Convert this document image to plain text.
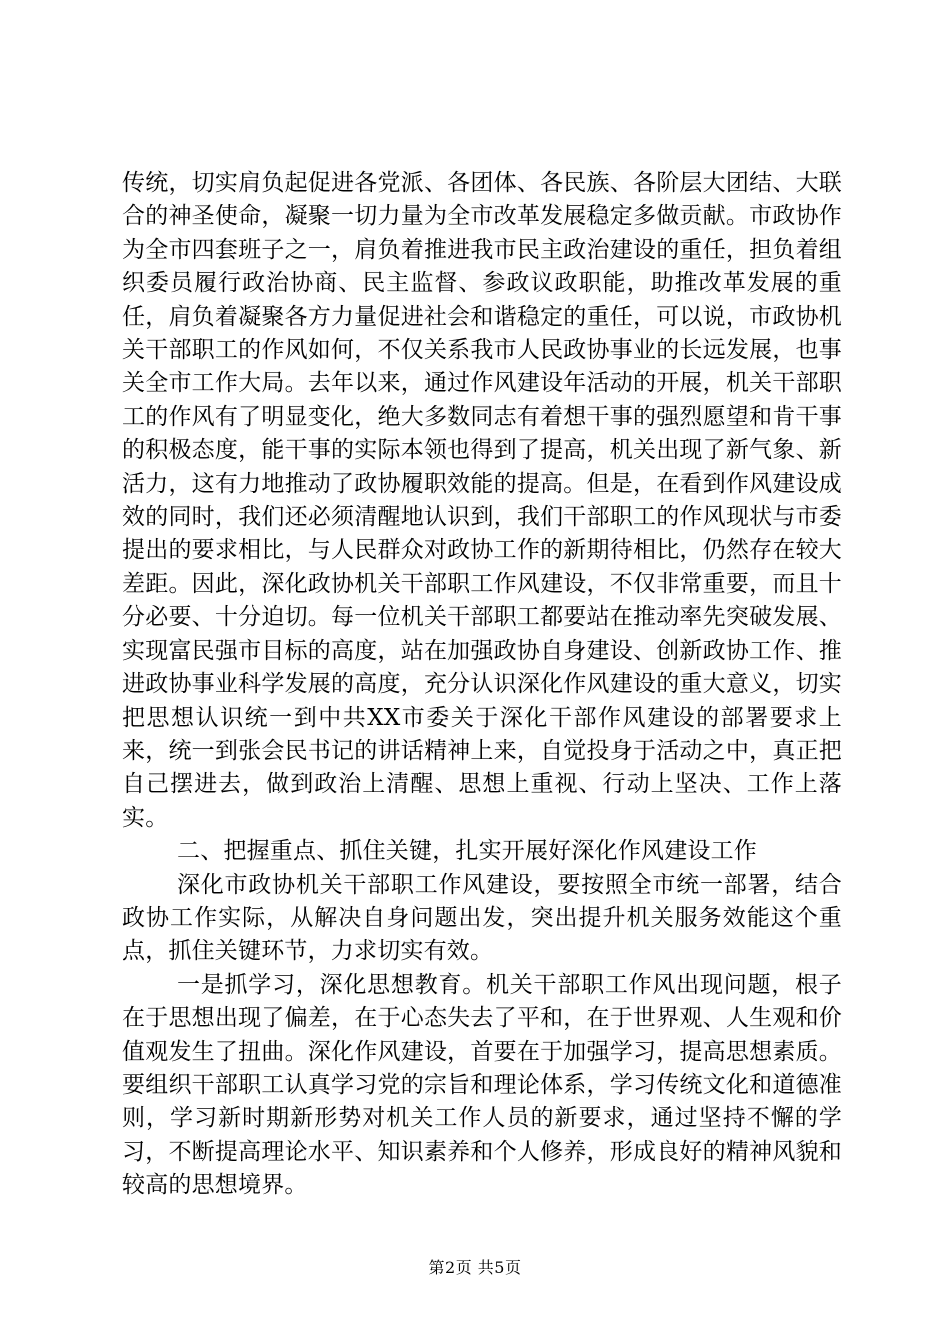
传统，切实肩负起促进各党派、各团体、各民族、各阶层大团结、大联合的神圣使命，凝聚一切力量为全市改革发展稳定多做贡献。市政协作为全市四套班子之一，肩负着推进我市民主政治建设的重任，担负着组织委员履行政治协商、民主监督、参政议政职能，助推改革发展的重任，肩负着凝聚各方力量促进社会和谐稳定的重任，可以说，市政协机关干部职工的作风如何，不仅关系我市人民政协事业的长远发展，也事关全市工作大局。去年以来，通过作风建设年活动的开展，机关干部职工的作风有了明显变化，绝大多数同志有着想干事的强烈愿望和肯干事的积极态度，能干事的实际本领也得到了提高，机关出现了新气象、新活力，这有力地推动了政协履职效能的提高。但是，在看到作风建设成效的同时，我们还必须清醒地认识到，我们干部职工的作风现状与市委提出的要求相比，与人民群众对政协工作的新期待相比，仍然存在较大差距。因此，深化政协机关干部职工作风建设，不仅非常重要，而且十分必要、十分迫切。每一位机关干部职工都要站在推动率先突破发展、实现富民强市目标的高度，站在加强政协自身建设、创新政协工作、推进政协事业科学发展的高度，充分认识深化作风建设的重大意义，切实把思想认识统一到中共XX市委关于深化干部作风建设的部署要求上来，统一到张会民书记的讲话精神上来，自觉投身于活动之中，真正把自己摆进去，做到政治上清醒、思想上重视、行动上坚决、工作上落实。

二、把握重点、抓住关键，扎实开展好深化作风建设工作

深化市政协机关干部职工作风建设，要按照全市统一部署，结合政协工作实际，从解决自身问题出发，突出提升机关服务效能这个重点，抓住关键环节，力求切实有效。

一是抓学习，深化思想教育。机关干部职工作风出现问题，根子在于思想出现了偏差，在于心态失去了平和，在于世界观、人生观和价值观发生了扭曲。深化作风建设，首要在于加强学习，提高思想素质。要组织干部职工认真学习党的宗旨和理论体系，学习传统文化和道德准则，学习新时期新形势对机关工作人员的新要求，通过坚持不懈的学习，不断提高理论水平、知识素养和个人修养，形成良好的精神风貌和较高的思想境界。

第2页 共5页
